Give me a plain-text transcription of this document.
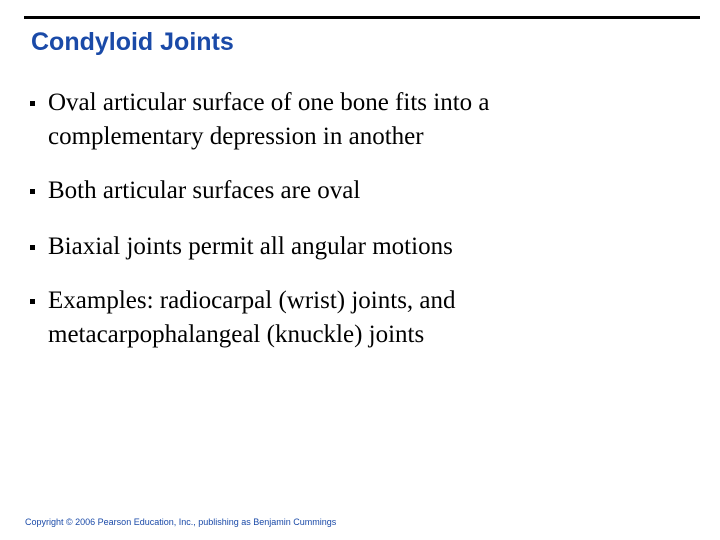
Condyloid Joints
Oval articular surface of one bone fits into a complementary depression in another
Both articular surfaces are oval
Biaxial joints permit all angular motions
Examples: radiocarpal (wrist) joints, and metacarpophalangeal (knuckle) joints
Copyright © 2006 Pearson Education, Inc., publishing as Benjamin Cummings
